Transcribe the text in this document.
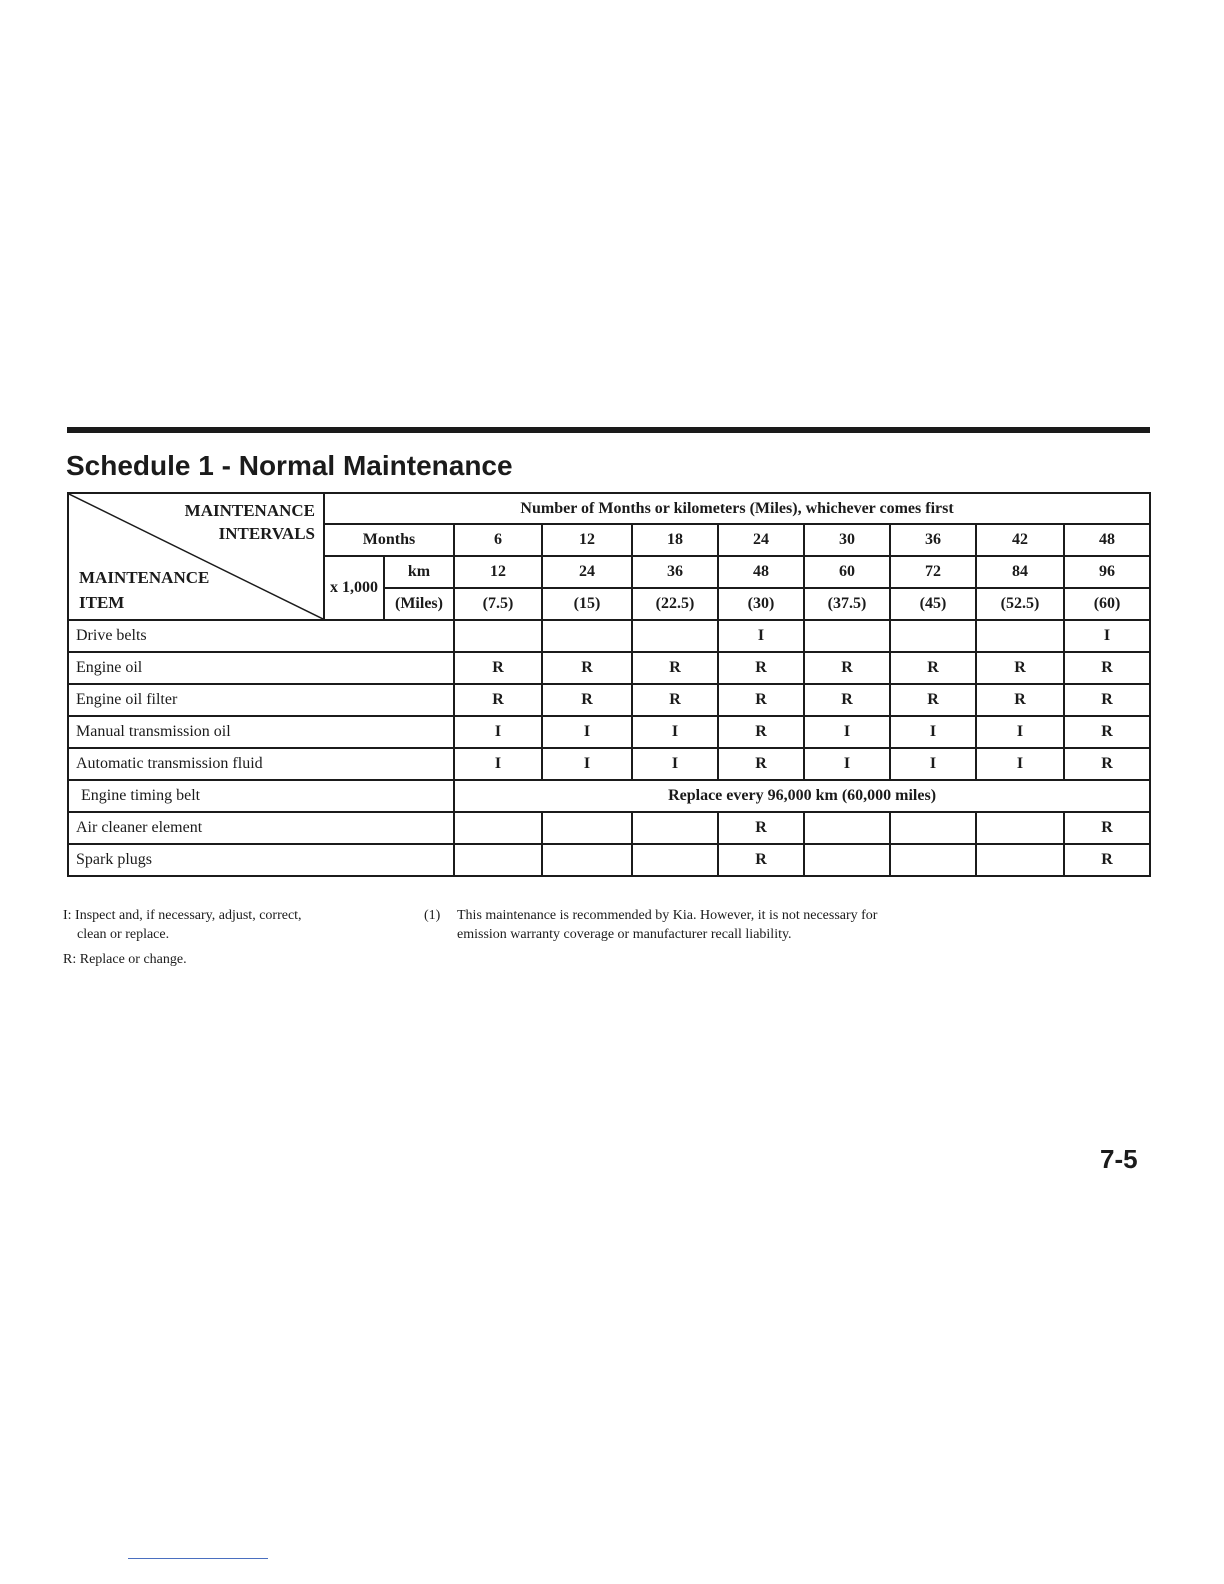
Schedule 1 - Normal Maintenance
MAINTENANCE
INTERVALS
MAINTENANCE
ITEM	Number of Months or kilometers (Miles), whichever comes first									
	Months		6	12	18	24	30	36	42	48
	x 1,000	km	12	24	36	48	60	72	84	96
		(Miles)	(7.5)	(15)	(22.5)	(30)	(37.5)	(45)	(52.5)	(60)
Drive belts						I				I
Engine oil			R	R	R	R	R	R	R	R
Engine oil filter			R	R	R	R	R	R	R	R
Manual transmission oil			I	I	I	R	I	I	I	R
Automatic transmission fluid			I	I	I	R	I	I	I	R
Engine timing belt			Replace every 96,000 km (60,000 miles)							
Air cleaner element						R				R
Spark plugs						R				R
I: Inspect and, if necessary, adjust, correct,
clean or replace.
R: Replace or change.
(1)	This maintenance is recommended by Kia. However, it is not necessary for
emission warranty coverage or manufacturer recall liability.
7-5
